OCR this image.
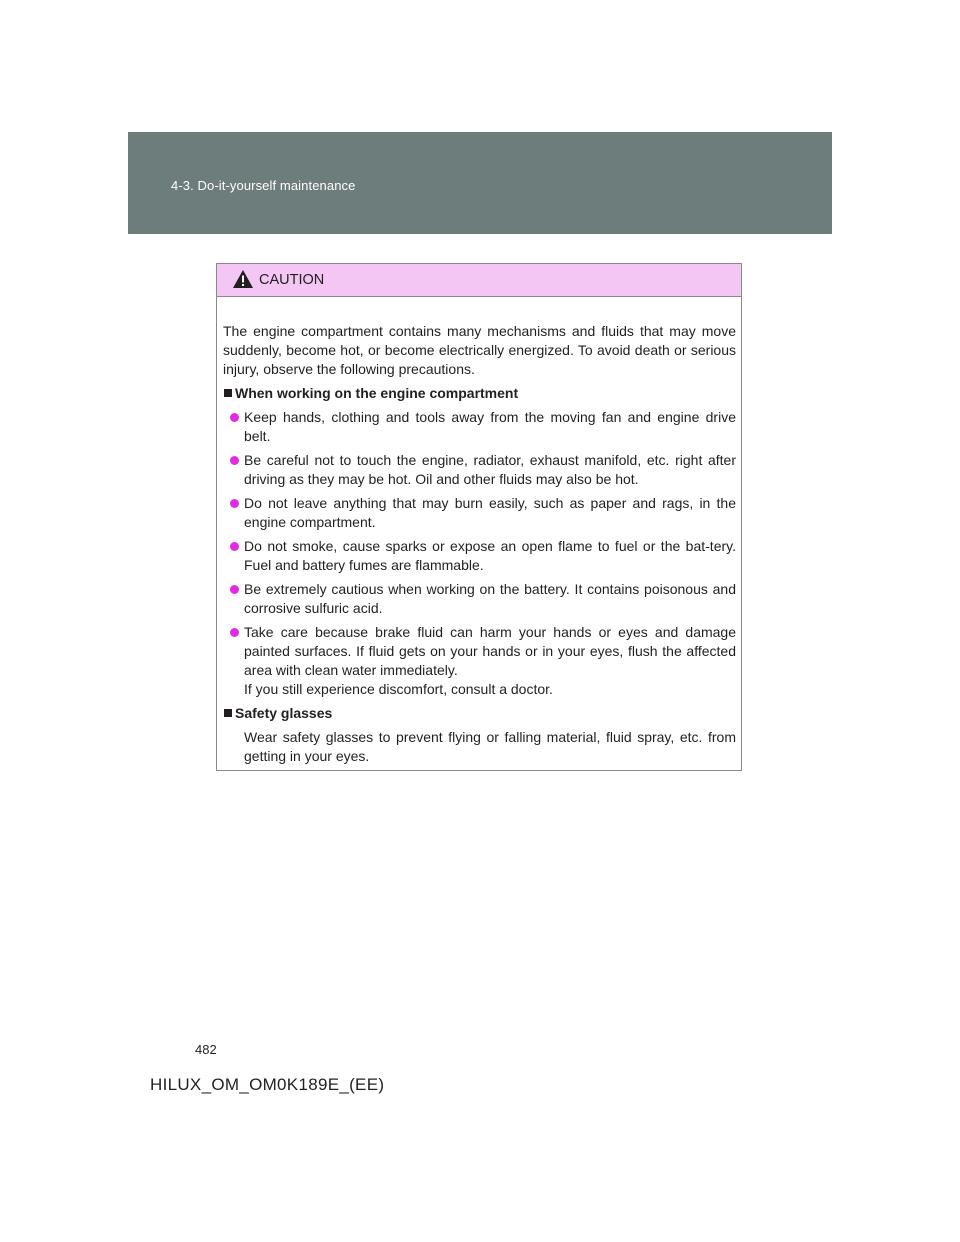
4-3. Do-it-yourself maintenance
CAUTION

The engine compartment contains many mechanisms and fluids that may move suddenly, become hot, or become electrically energized. To avoid death or serious injury, observe the following precautions.

When working on the engine compartment
Keep hands, clothing and tools away from the moving fan and engine drive belt.
Be careful not to touch the engine, radiator, exhaust manifold, etc. right after driving as they may be hot. Oil and other fluids may also be hot.
Do not leave anything that may burn easily, such as paper and rags, in the engine compartment.
Do not smoke, cause sparks or expose an open flame to fuel or the bat-tery. Fuel and battery fumes are flammable.
Be extremely cautious when working on the battery. It contains poisonous and corrosive sulfuric acid.
Take care because brake fluid can harm your hands or eyes and damage painted surfaces. If fluid gets on your hands or in your eyes, flush the affected area with clean water immediately.
If you still experience discomfort, consult a doctor.
Safety glasses

Wear safety glasses to prevent flying or falling material, fluid spray, etc. from getting in your eyes.

482
HILUX_OM_OM0K189E_(EE)
